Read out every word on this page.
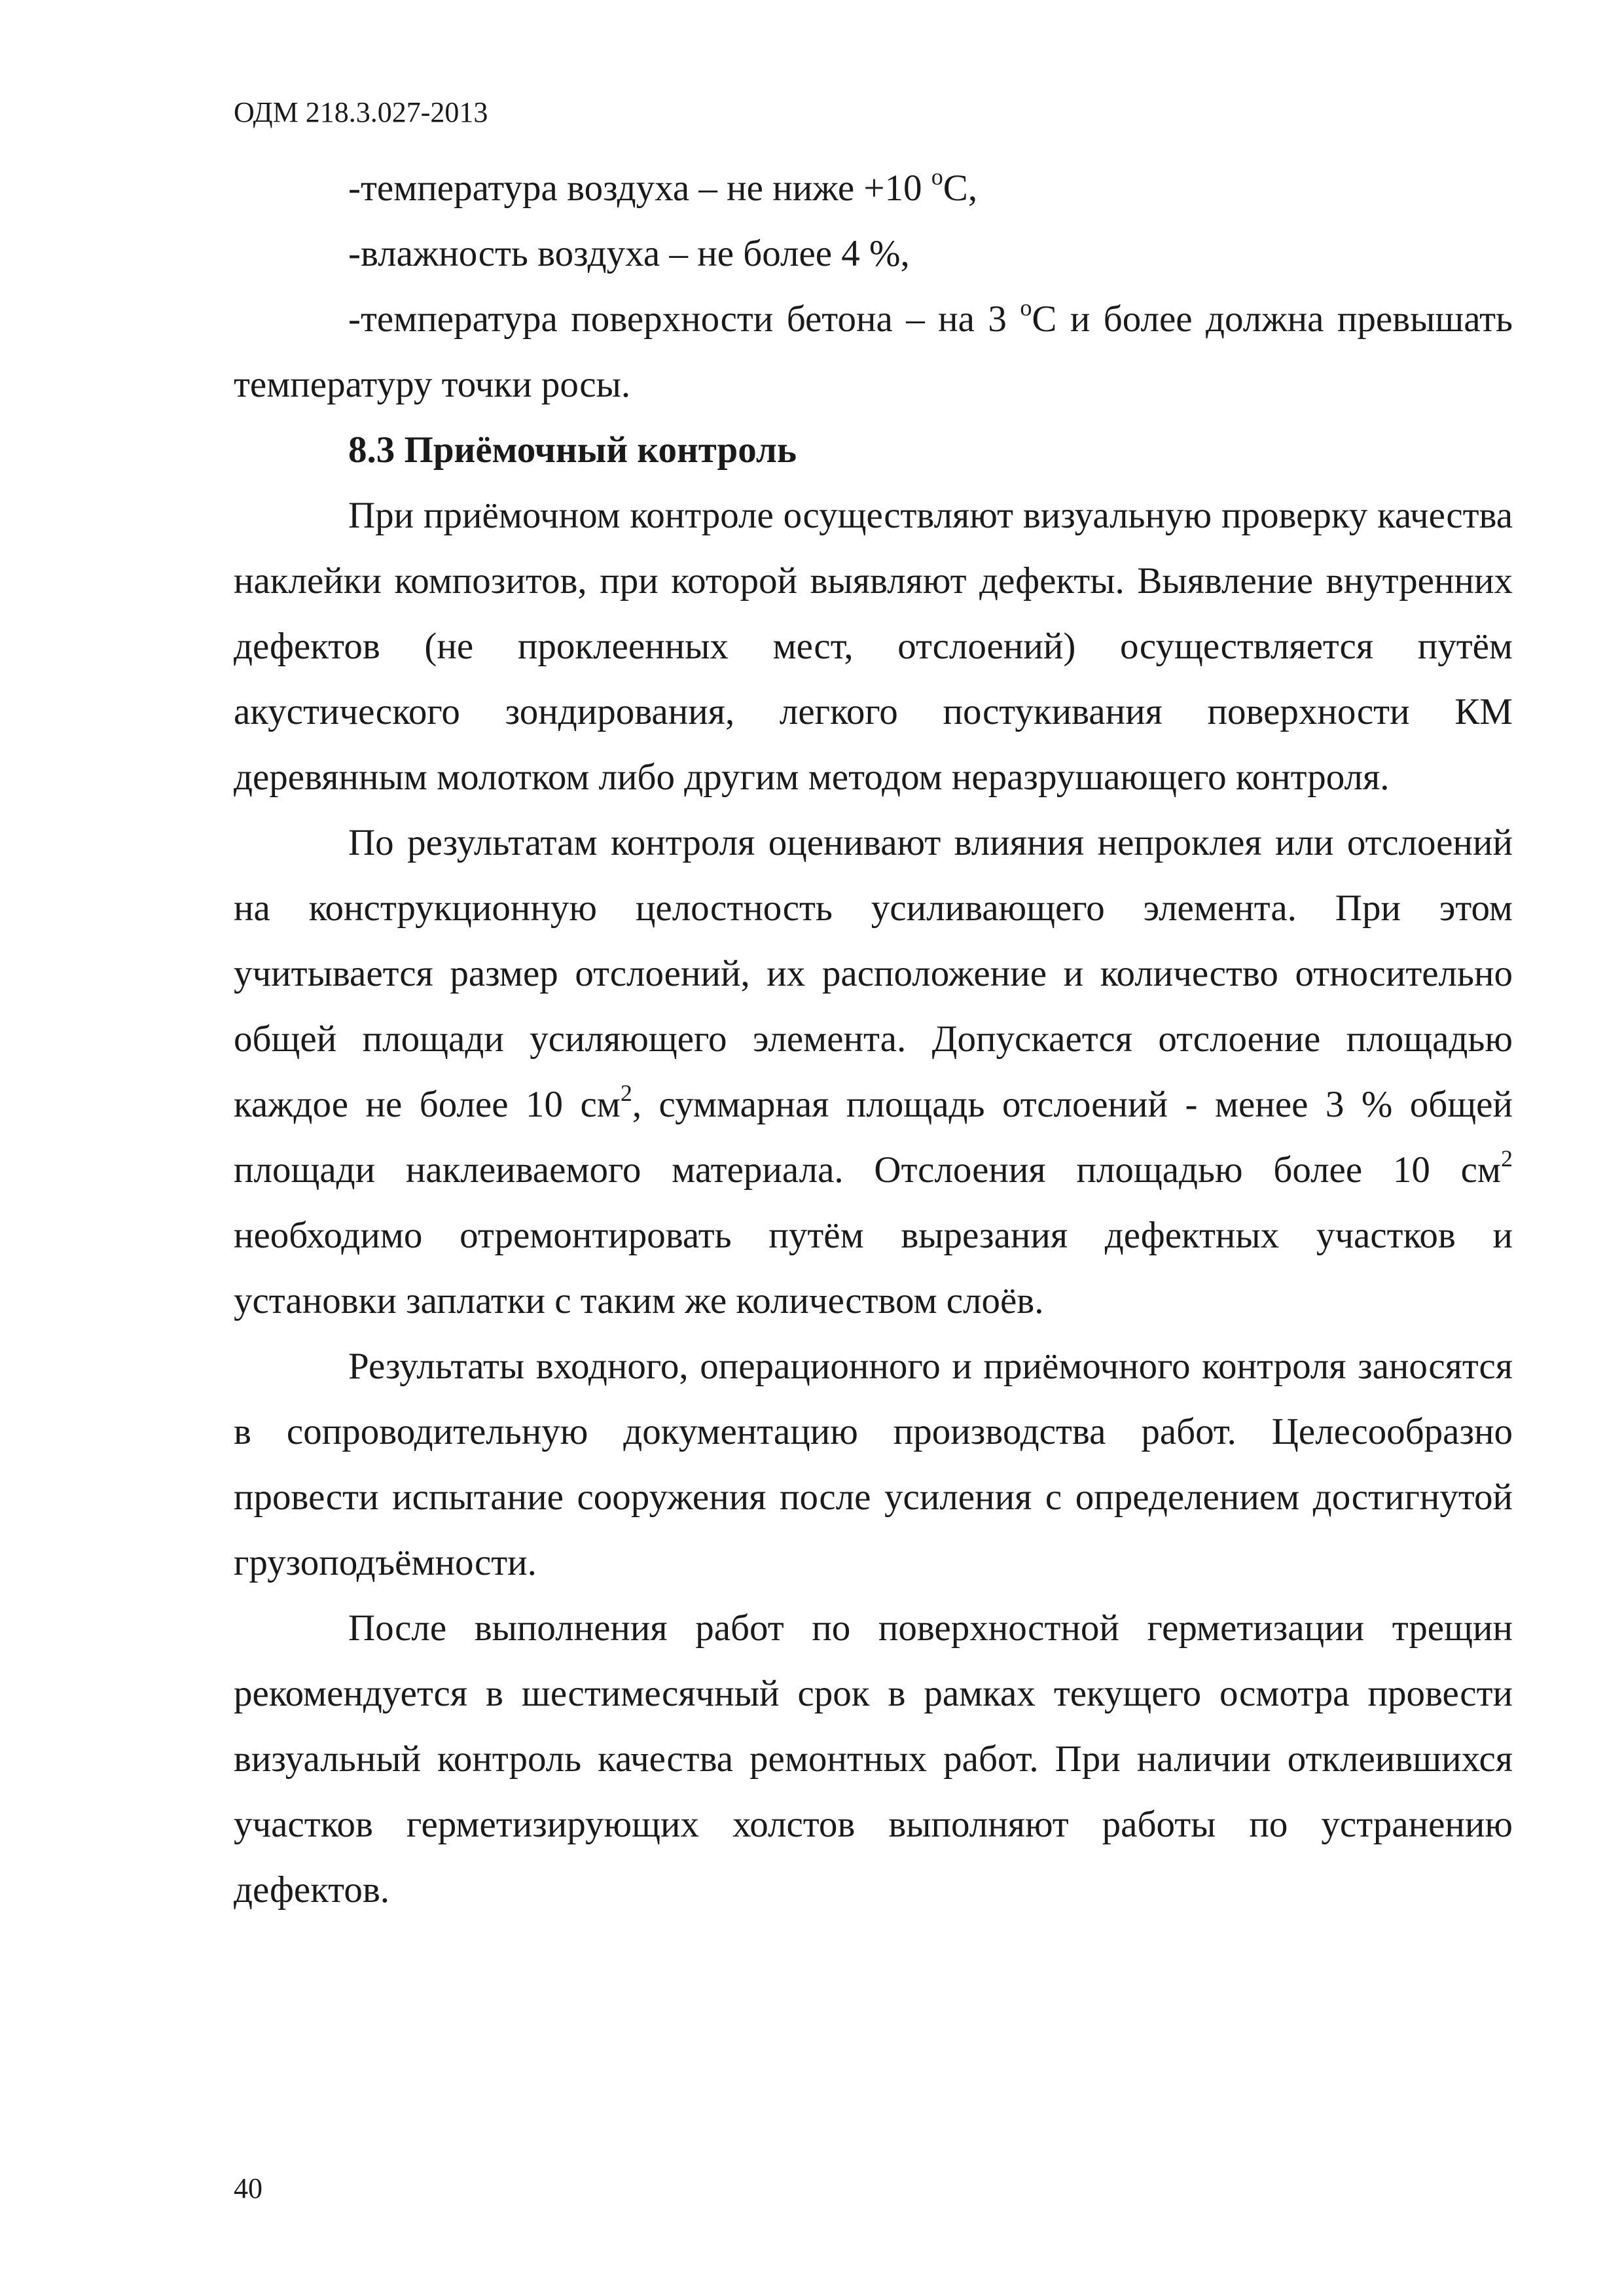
ОДМ 218.3.027-2013

-температура воздуха – не ниже +10 $^о$С,

-влажность воздуха – не более 4 %,

-температура поверхности бетона – на 3 $^о$С и более должна превышать температуру точки росы.

8.3 Приёмочный контроль

При приёмочном контроле осуществляют визуальную проверку качества наклейки композитов, при которой выявляют дефекты. Выявление внутренних дефектов (не проклеенных мест, отслоений) осуществляется путём акустического зондирования, легкого постукивания поверхности КМ деревянным молотком либо другим методом неразрушающего контроля.

По результатам контроля оценивают влияния непроклея или отслоений на конструкционную целостность усиливающего элемента. При этом учитывается размер отслоений, их расположение и количество относительно общей площади усиляющего элемента. Допускается отслоение площадью каждое не более 10 $см^2$, суммарная площадь отслоений - менее 3 % общей площади наклеиваемого материала. Отслоения площадью более 10 $см^2$ необходимо отремонтировать путём вырезания дефектных участков и установки заплатки с таким же количеством слоёв.

Результаты входного, операционного и приёмочного контроля заносятся в сопроводительную документацию производства работ. Целесообразно провести испытание сооружения после усиления с определением достигнутой грузоподъёмности.

После выполнения работ по поверхностной герметизации трещин рекомендуется в шестимесячный срок в рамках текущего осмотра провести визуальный контроль качества ремонтных работ. При наличии отклеившихся участков герметизирующих холстов выполняют работы по устранению дефектов.

40
